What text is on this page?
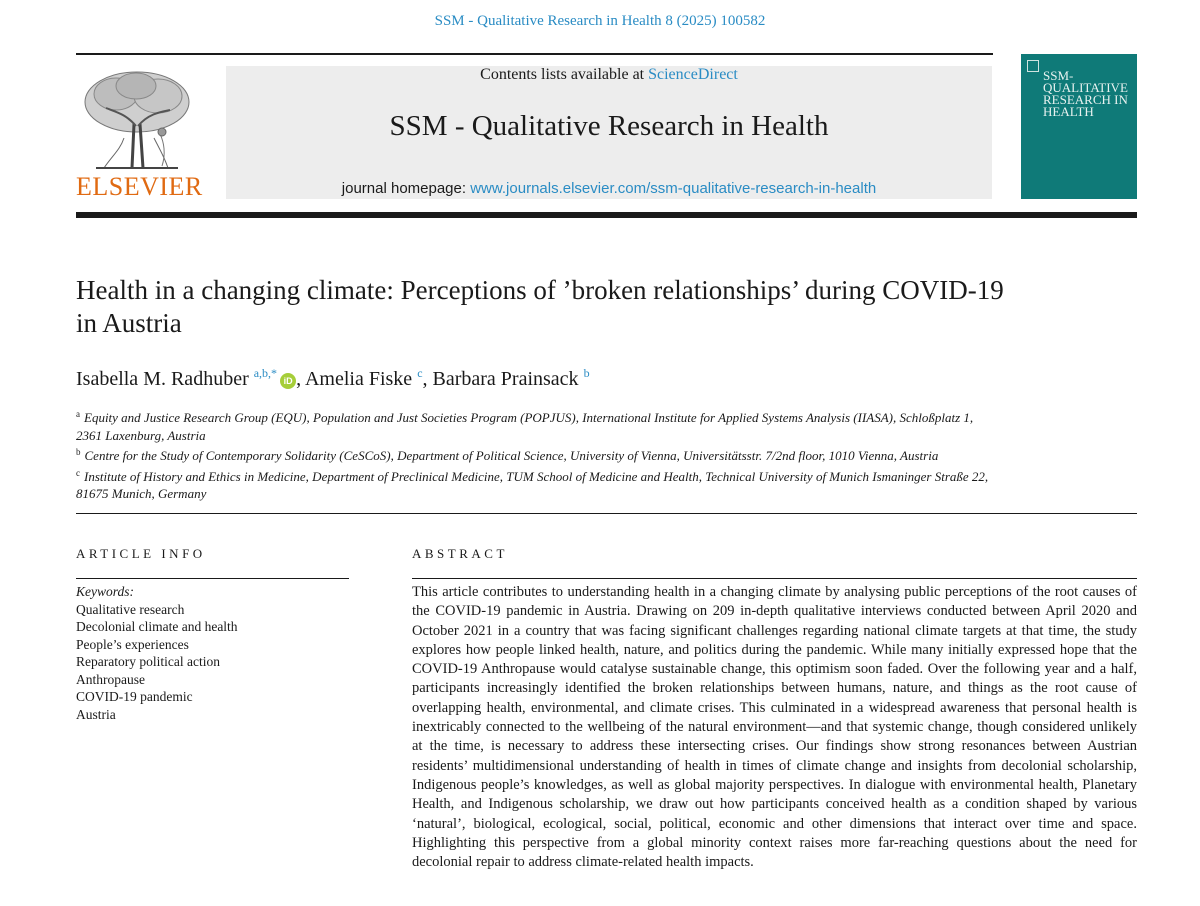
SSM - Qualitative Research in Health 8 (2025) 100582
ELSEVIER
Contents lists available at ScienceDirect
SSM - Qualitative Research in Health
journal homepage: www.journals.elsevier.com/ssm-qualitative-research-in-health
SSM-QUALITATIVE RESEARCH IN HEALTH
Health in a changing climate: Perceptions of ’broken relationships’ during COVID-19 in Austria
Isabella M. Radhuber $^{a,b,*}$iD , Amelia Fiske $^c$, Barbara Prainsack $^b$
$^a$ Equity and Justice Research Group (EQU), Population and Just Societies Program (POPJUS), International Institute for Applied Systems Analysis (IIASA), Schloßplatz 1, 2361 Laxenburg, Austria
$^b$ Centre for the Study of Contemporary Solidarity (CeSCoS), Department of Political Science, University of Vienna, Universitätsstr. 7/2nd floor, 1010 Vienna, Austria
$^c$ Institute of History and Ethics in Medicine, Department of Preclinical Medicine, TUM School of Medicine and Health, Technical University of Munich Ismaninger Straße 22, 81675 Munich, Germany
ARTICLE INFO	ABSTRACT
Keywords:
Qualitative research
Decolonial climate and health
People’s experiences
Reparatory political action
Anthropause
COVID-19 pandemic
Austria
This article contributes to understanding health in a changing climate by analysing public perceptions of the root causes of the COVID-19 pandemic in Austria. Drawing on 209 in-depth qualitative interviews conducted between April 2020 and October 2021 in a country that was facing significant challenges regarding national climate targets at that time, the study explores how people linked health, nature, and politics during the pandemic. While many initially expressed hope that the COVID-19 Anthropause would catalyse sustainable change, this optimism soon faded. Over the following year and a half, participants increasingly identified the broken relationships between humans, nature, and things as the root cause of overlapping health, environmental, and climate crises. This culminated in a widespread awareness that personal health is inextricably connected to the wellbeing of the natural environment—and that systemic change, though considered unlikely at the time, is necessary to address these intersecting crises. Our findings show strong resonances between Austrian residents’ multidimensional understanding of health in times of climate change and insights from decolonial scholarship, Indigenous people’s knowledges, as well as global majority perspectives. In dialogue with environmental health, Planetary Health, and Indigenous scholarship, we draw out how participants conceived health as a condition shaped by various ‘natural’, biological, ecological, social, political, economic and other dimensions that interact over time and space. Highlighting this perspective from a global minority context raises more far-reaching questions about the need for decolonial repair to address climate-related health impacts.
